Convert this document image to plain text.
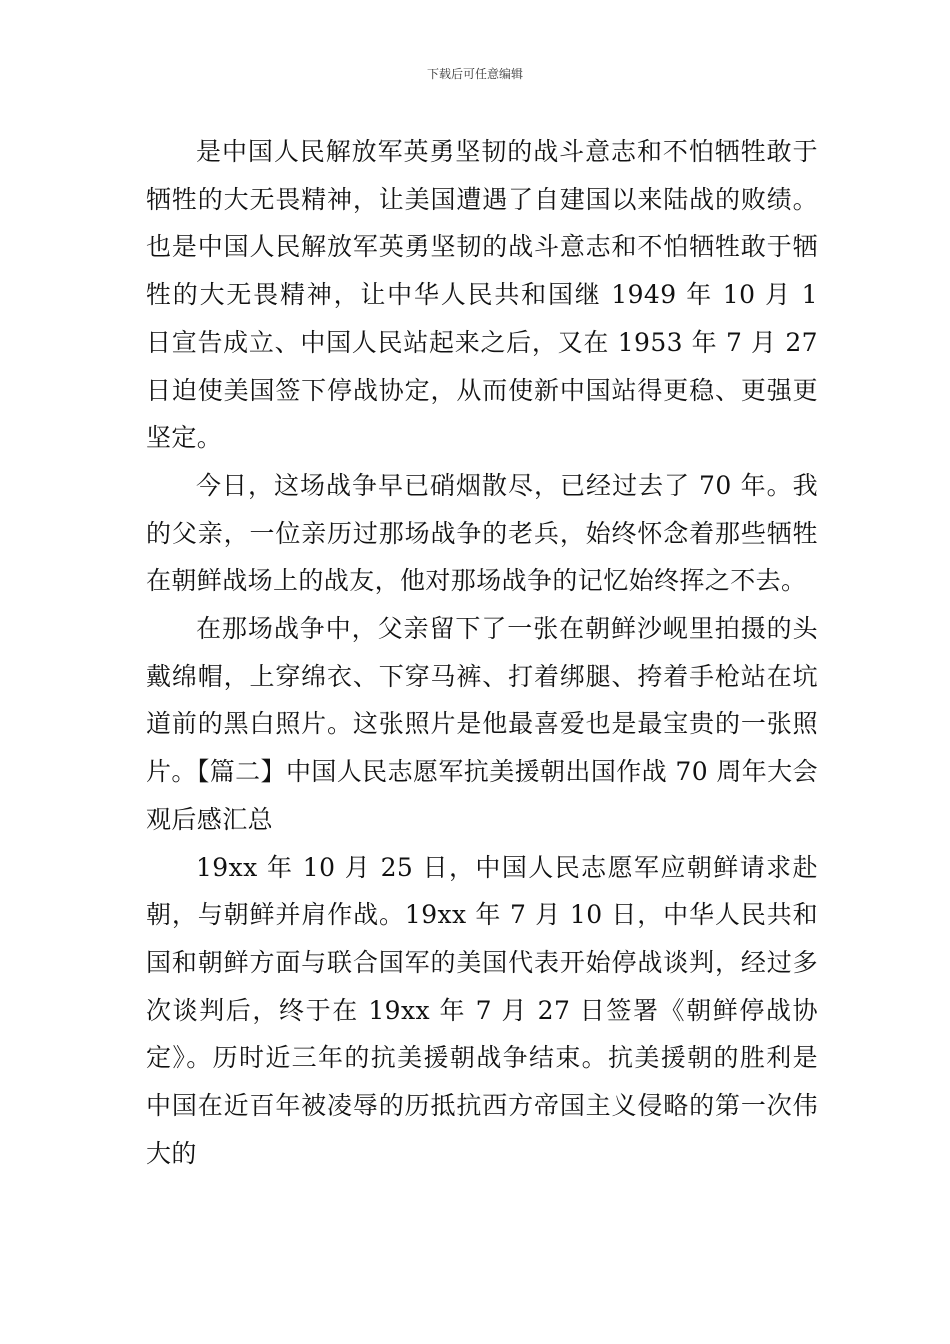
下载后可任意编辑

是中国人民解放军英勇坚韧的战斗意志和不怕牺牲敢于牺牲的大无畏精神，让美国遭遇了自建国以来陆战的败绩。也是中国人民解放军英勇坚韧的战斗意志和不怕牺牲敢于牺牲的大无畏精神，让中华人民共和国继 1949 年 10 月 1 日宣告成立、中国人民站起来之后，又在 1953 年 7 月 27 日迫使美国签下停战协定，从而使新中国站得更稳、更强更坚定。

今日，这场战争早已硝烟散尽，已经过去了 70 年。我的父亲，一位亲历过那场战争的老兵，始终怀念着那些牺牲在朝鲜战场上的战友，他对那场战争的记忆始终挥之不去。

在那场战争中，父亲留下了一张在朝鲜沙岘里拍摄的头戴绵帽，上穿绵衣、下穿马裤、打着绑腿、挎着手枪站在坑道前的黑白照片。这张照片是他最喜爱也是最宝贵的一张照片。【篇二】中国人民志愿军抗美援朝出国作战 70 周年大会观后感汇总

19xx 年 10 月 25 日，中国人民志愿军应朝鲜请求赴朝，与朝鲜并肩作战。19xx 年 7 月 10 日，中华人民共和国和朝鲜方面与联合国军的美国代表开始停战谈判，经过多次谈判后，终于在 19xx 年 7 月 27 日签署《朝鲜停战协定》。历时近三年的抗美援朝战争结束。抗美援朝的胜利是中国在近百年被凌辱的历抵抗西方帝国主义侵略的第一次伟大的
